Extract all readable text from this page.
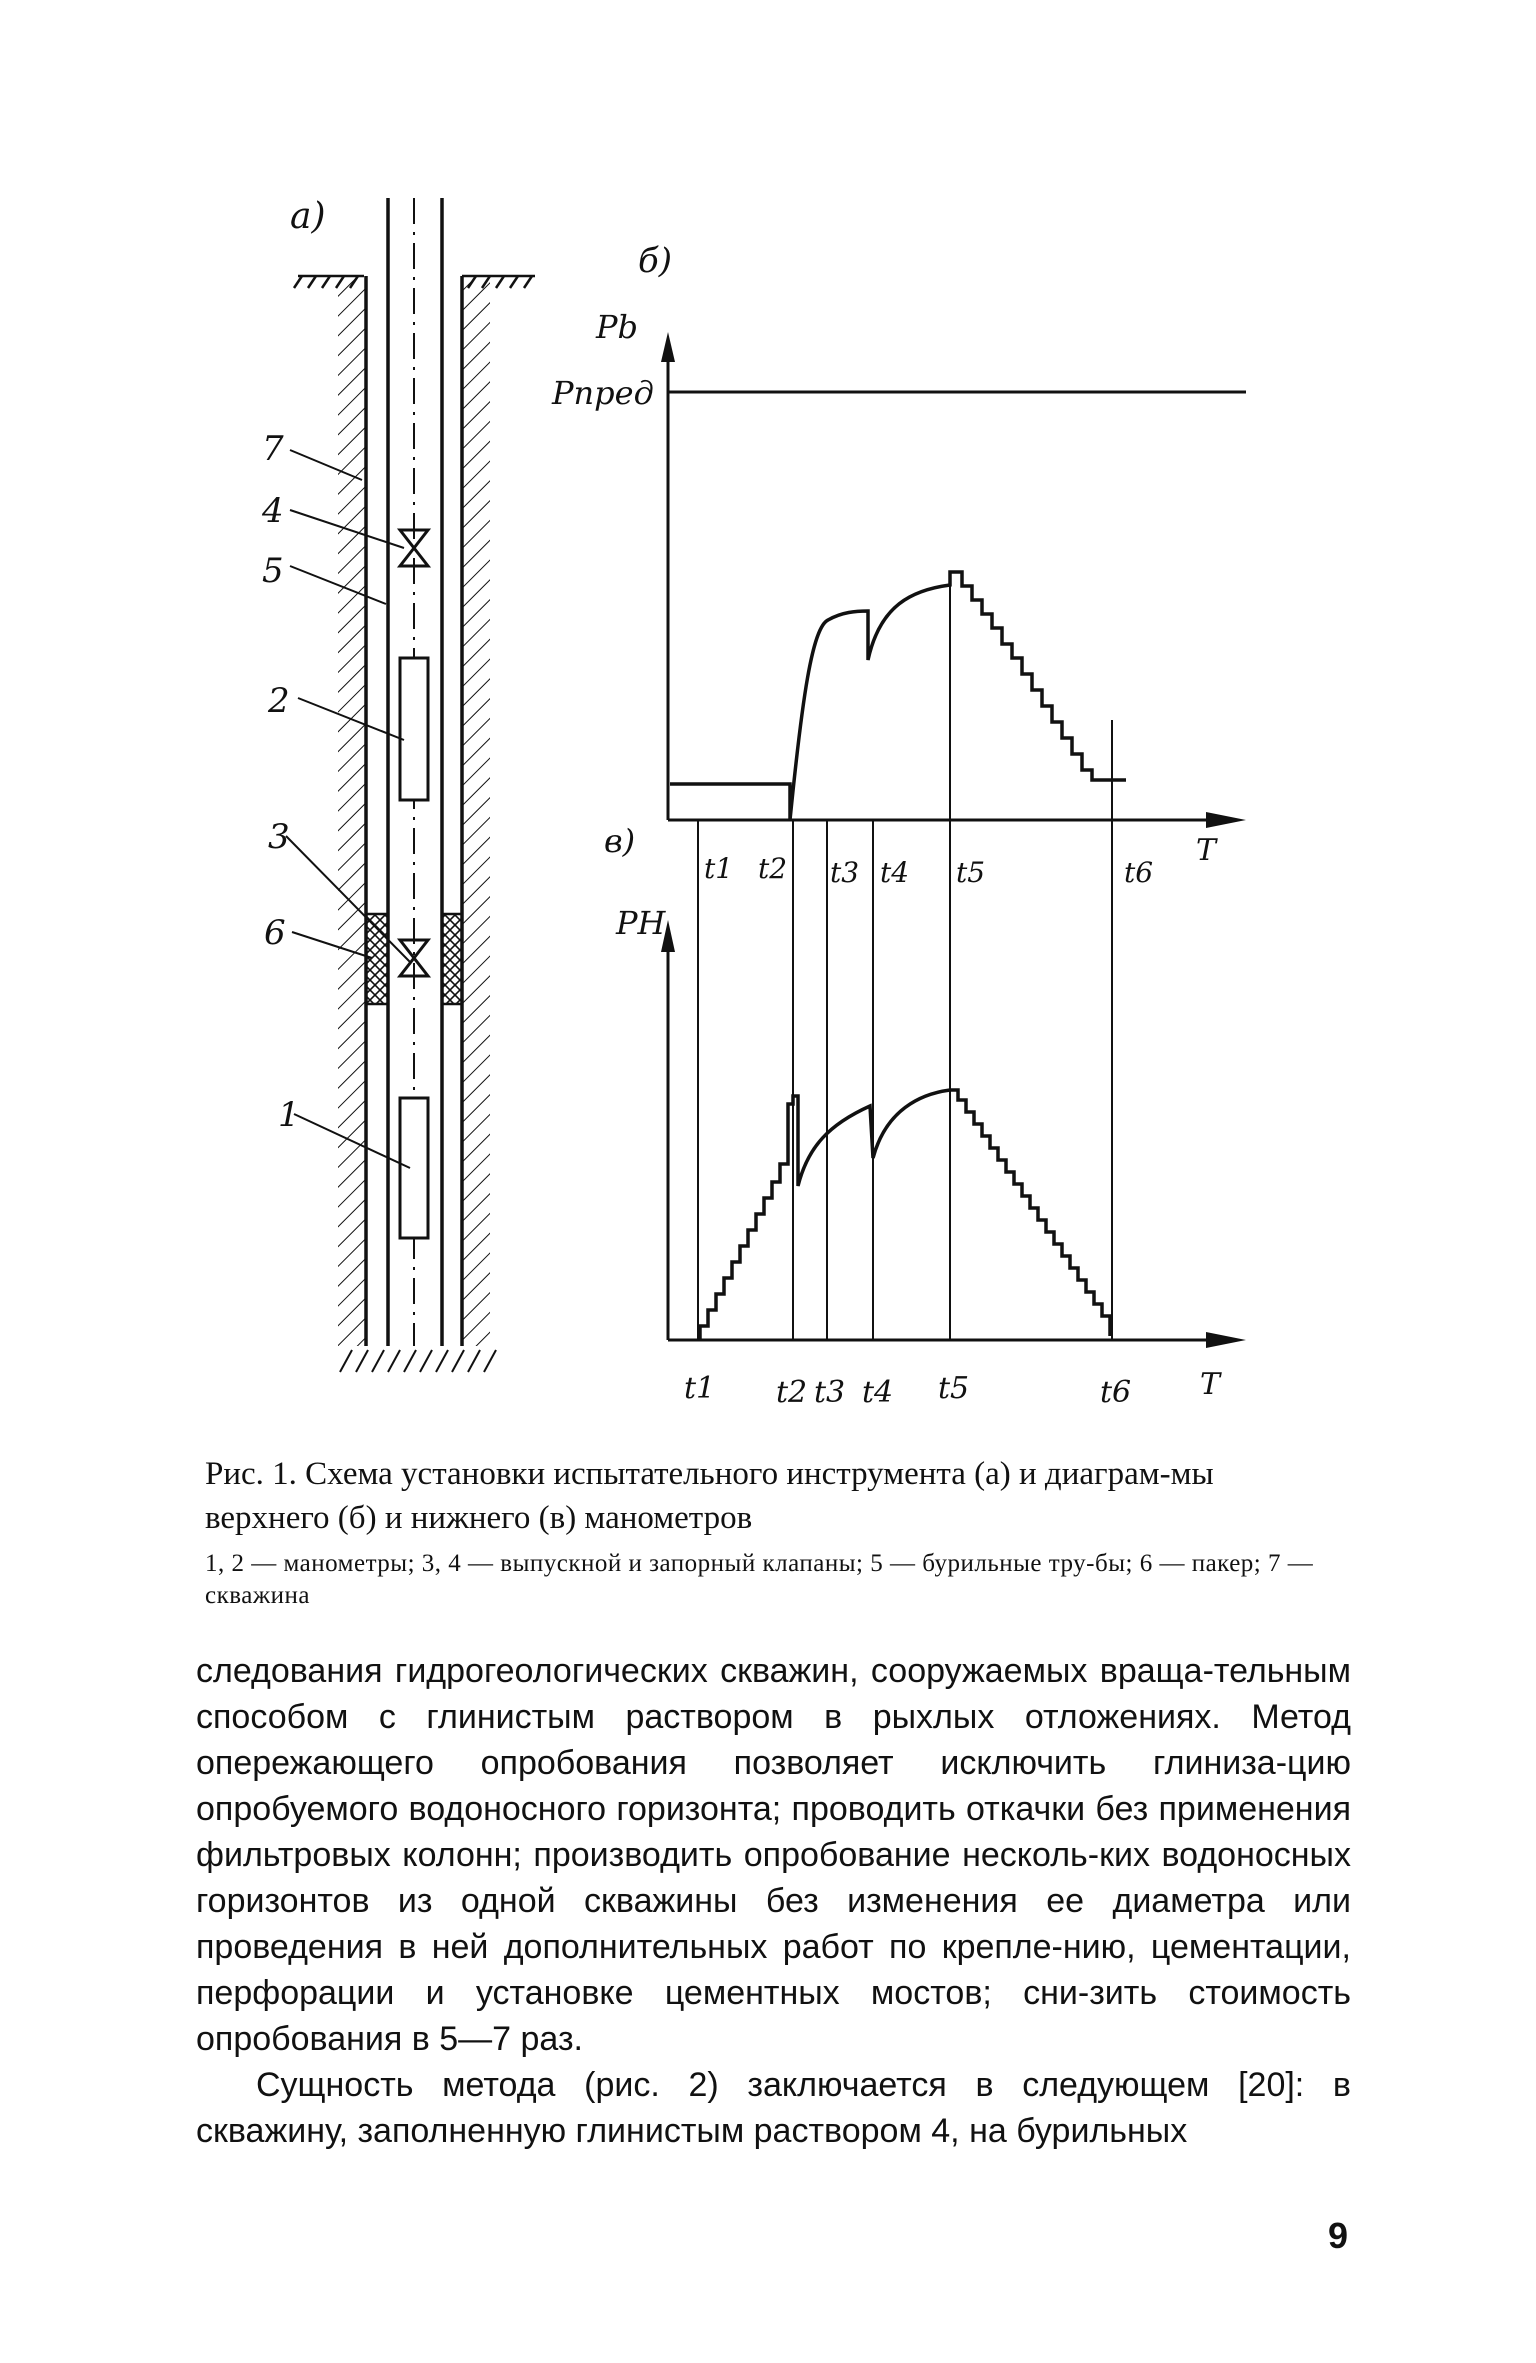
а)
7
4
5
2
3
6
1
б)
Pb
Pпред
t1 t2 t3 t4 t5	t6
T
в)
PH
t1 t2 t3 t4 t5	t6 T
Рис. 1. Схема установки испытательного инструмента (а) и диаграм-мы верхнего (б) и нижнего (в) манометров
1, 2 — манометры; 3, 4 — выпускной и запорный клапаны; 5 — бурильные тру-бы; 6 — пакер; 7 — скважина

следования гидрогеологических скважин, сооружаемых враща-тельным способом с глинистым раствором в рыхлых отложениях. Метод опережающего опробования позволяет исключить глиниза-цию опробуемого водоносного горизонта; проводить откачки без применения фильтровых колонн; производить опробование несколь-ких водоносных горизонтов из одной скважины без изменения ее диаметра или проведения в ней дополнительных работ по крепле-нию, цементации, перфорации и установке цементных мостов; сни-зить стоимость опробования в 5—7 раз.

Сущность метода (рис. 2) заключается в следующем [20]: в скважину, заполненную глинистым раствором 4, на бурильных

9
